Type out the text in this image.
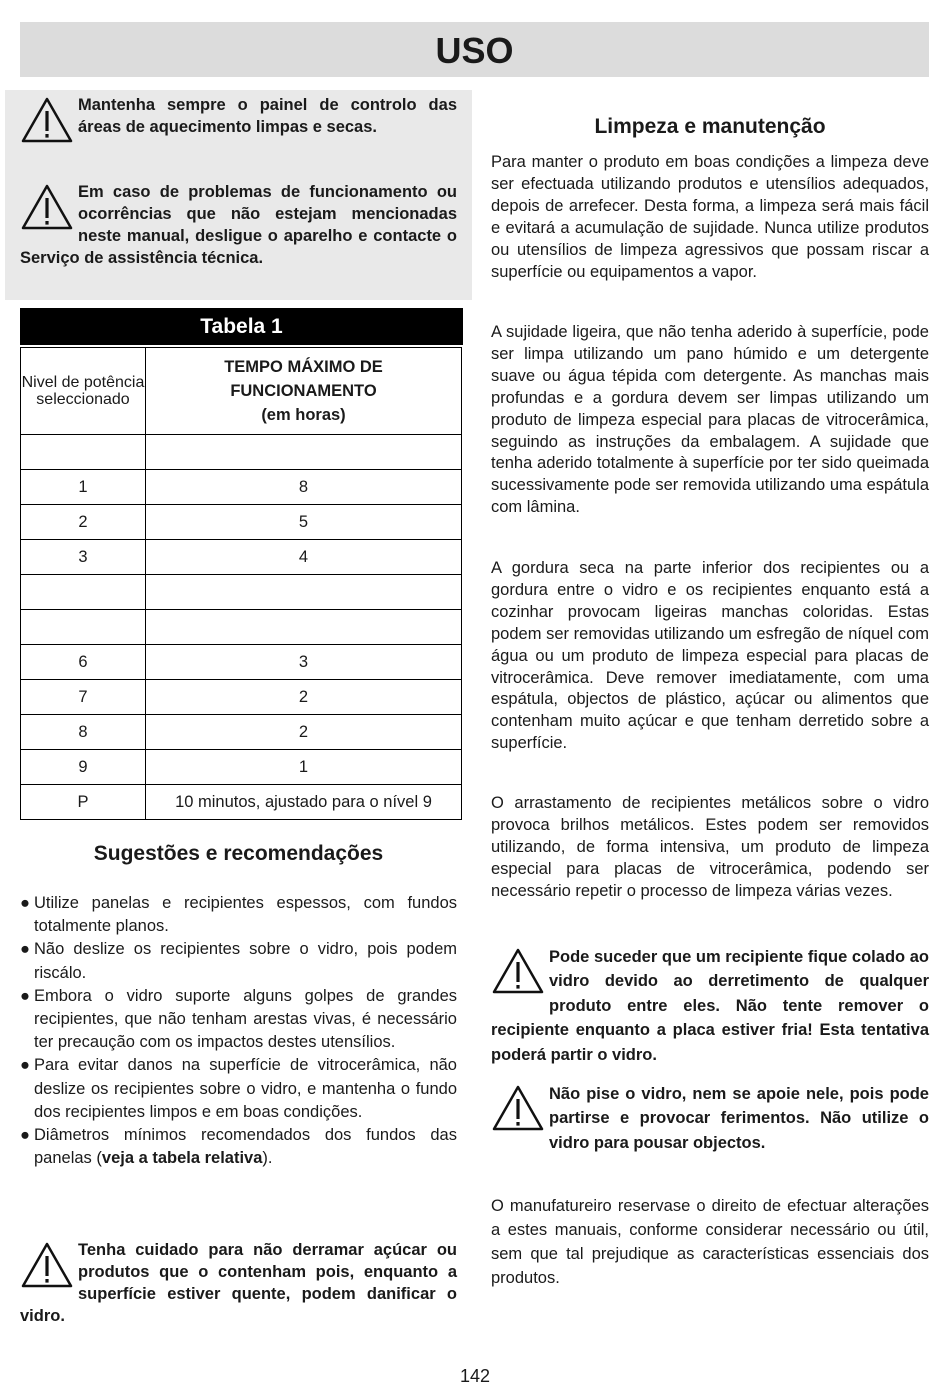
USO
Mantenha sempre o painel de controlo das áreas de aquecimento limpas e secas.
Em caso de problemas de funcionamento ou ocorrências que não estejam mencionadas neste manual, desligue o aparelho e contacte o Serviço de assistência técnica.
Tabela 1
Nivel de potência seleccionado	TEMPO MÁXIMO DE
FUNCIONAMENTO
(em horas)

1	8
2	5
3	4

6	3
7	2
8	2
9	1
P	10 minutos, ajustado para o nível 9
Sugestões e recomendações
● Utilize panelas e recipientes espessos, com fundos totalmente planos.
● Não deslize os recipientes sobre o vidro, pois podem riscálo.
● Embora o vidro suporte alguns golpes de grandes recipientes, que não tenham arestas vivas, é necessário ter precaução com os impactos destes utensílios.
● Para evitar danos na superfície de vitrocerâmica, não deslize os recipientes sobre o vidro, e mantenha o fundo dos recipientes limpos e em boas condições.
● Diâmetros mínimos recomendados dos fundos das panelas (veja a tabela relativa).
Tenha cuidado para não derramar açúcar ou produtos que o contenham pois, enquanto a superfície estiver quente, podem danificar o vidro.
Limpeza e manutenção

Para manter o produto em boas condições a limpeza deve ser efectuada utilizando produtos e utensílios adequados, depois de arrefecer. Desta forma, a limpeza será mais fácil e evitará a acumulação de sujidade. Nunca utilize produtos ou utensílios de limpeza agressivos que possam riscar a superfície ou equipamentos a vapor.

A sujidade ligeira, que não tenha aderido à superfície, pode ser limpa utilizando um pano húmido e um detergente suave ou água tépida com detergente. As manchas mais profundas e a gordura devem ser limpas utilizando um produto de limpeza especial para placas de vitrocerâmica, seguindo as instruções da embalagem. A sujidade que tenha aderido totalmente à superfície por ter sido queimada sucessivamente pode ser removida utilizando uma espátula com lâmina.

A gordura seca na parte inferior dos recipientes ou a gordura entre o vidro e os recipientes enquanto está a cozinhar provocam ligeiras manchas coloridas. Estas podem ser removidas utilizando um esfregão de níquel com água ou um produto de limpeza especial para placas de vitrocerâmica. Deve remover imediatamente, com uma espátula, objectos de plástico, açúcar ou alimentos que contenham muito açúcar e que tenham derretido sobre a superfície.

O arrastamento de recipientes metálicos sobre o vidro provoca brilhos metálicos. Estes podem ser removidos utilizando, de forma intensiva, um produto de limpeza especial para placas de vitrocerâmica, podendo ser necessário repetir o processo de limpeza várias vezes.

Pode suceder que um recipiente fique colado ao vidro devido ao derretimento de qualquer produto entre eles. Não tente remover o recipiente enquanto a placa estiver fria! Esta tentativa poderá partir o vidro.
Não pise o vidro, nem se apoie nele, pois pode partirse e provocar ferimentos. Não utilize o vidro para pousar objectos.

O manufatureiro reservase o direito de efectuar alterações a estes manuais, conforme considerar necessário ou útil, sem que tal prejudique as características essenciais dos produtos.

142
